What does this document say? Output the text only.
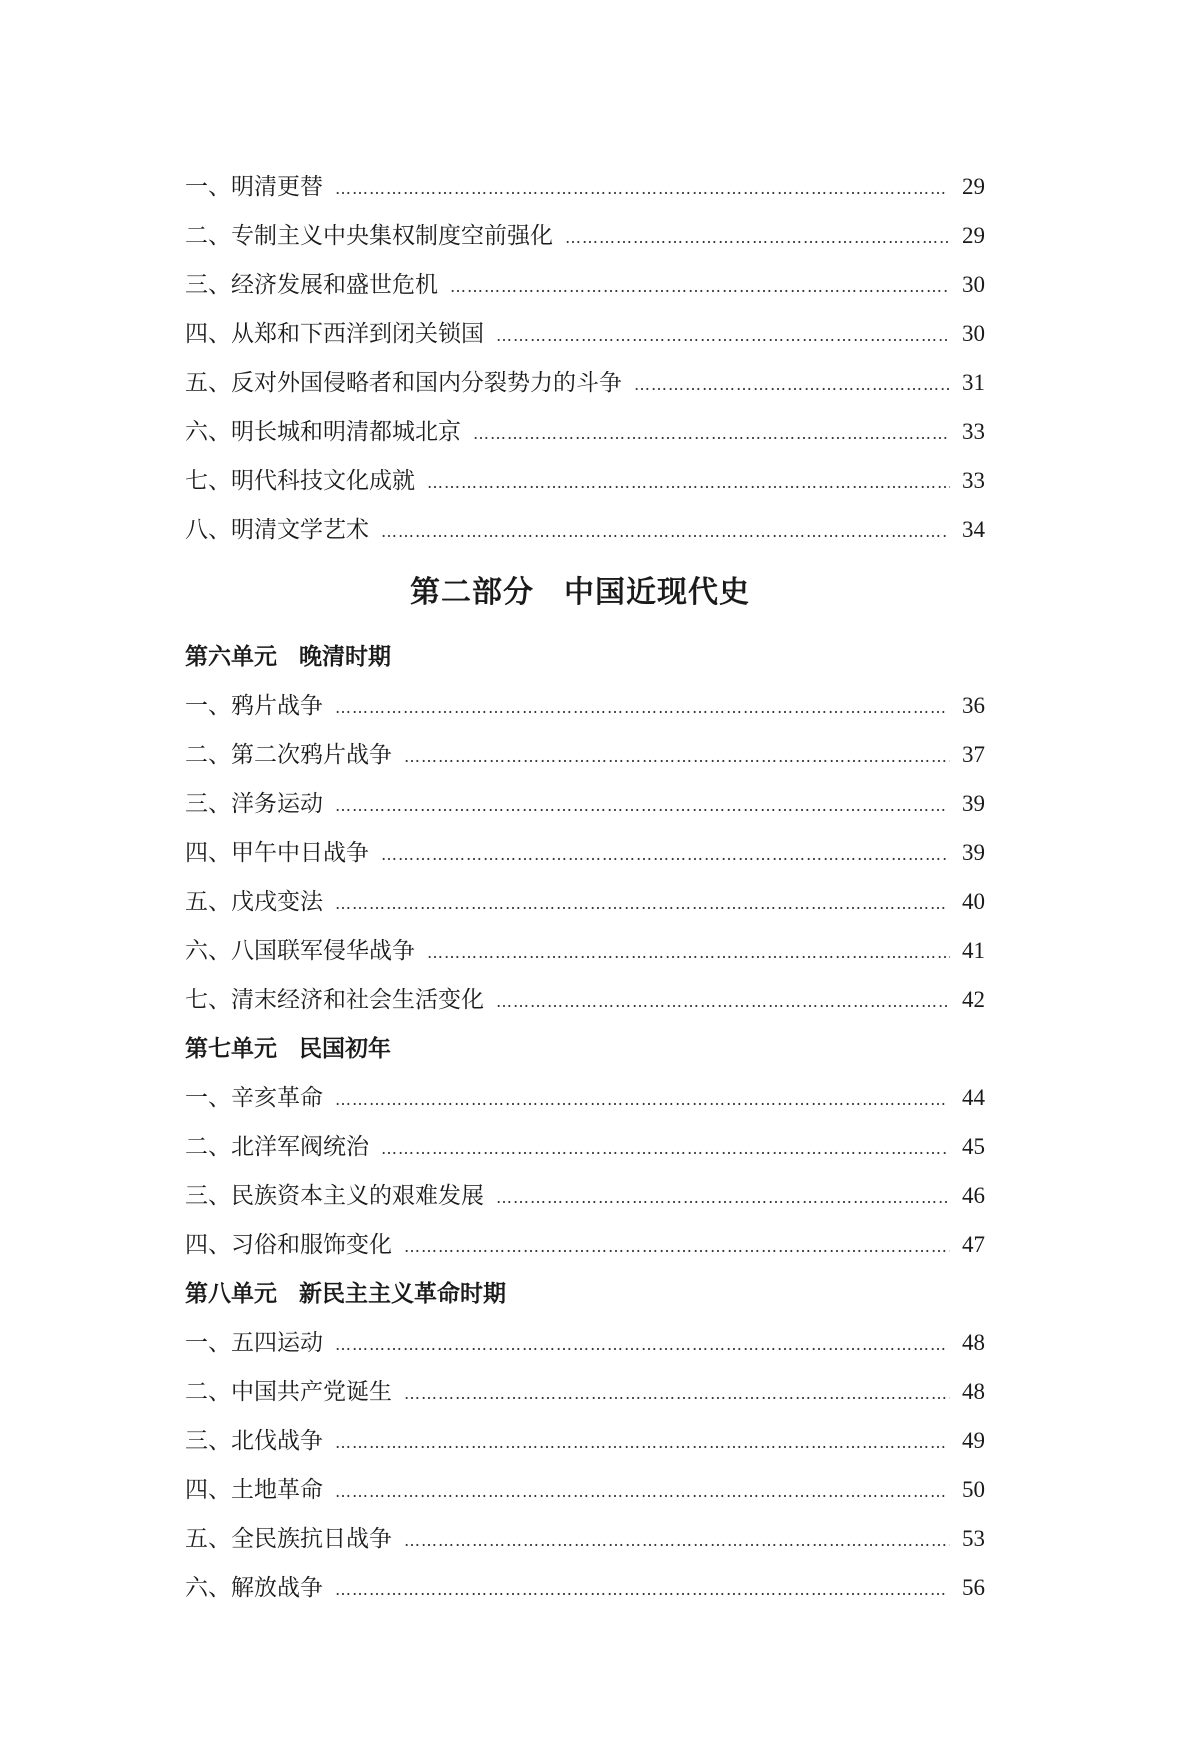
一、明清更替 ……………………………………………………………………………………………………………………………………………………………………………………………	29
二、专制主义中央集权制度空前强化 ……………………………………………………………………………………………………………………………………………………………………………………………	29
三、经济发展和盛世危机 ……………………………………………………………………………………………………………………………………………………………………………………………	30
四、从郑和下西洋到闭关锁国 ……………………………………………………………………………………………………………………………………………………………………………………………	30
五、反对外国侵略者和国内分裂势力的斗争 ……………………………………………………………………………………………………………………………………………………………………………………………	31
六、明长城和明清都城北京 ……………………………………………………………………………………………………………………………………………………………………………………………	33
七、明代科技文化成就 ……………………………………………………………………………………………………………………………………………………………………………………………	33
八、明清文学艺术 ……………………………………………………………………………………………………………………………………………………………………………………………	34
第二部分 中国近现代史
第六单元 晚清时期
一、鸦片战争 ……………………………………………………………………………………………………………………………………………………………………………………………	36
二、第二次鸦片战争 ……………………………………………………………………………………………………………………………………………………………………………………………	37
三、洋务运动 ……………………………………………………………………………………………………………………………………………………………………………………………	39
四、甲午中日战争 ……………………………………………………………………………………………………………………………………………………………………………………………	39
五、戊戌变法 ……………………………………………………………………………………………………………………………………………………………………………………………	40
六、八国联军侵华战争 ……………………………………………………………………………………………………………………………………………………………………………………………	41
七、清末经济和社会生活变化 ……………………………………………………………………………………………………………………………………………………………………………………………	42
第七单元 民国初年
一、辛亥革命 ……………………………………………………………………………………………………………………………………………………………………………………………	44
二、北洋军阀统治 ……………………………………………………………………………………………………………………………………………………………………………………………	45
三、民族资本主义的艰难发展 ……………………………………………………………………………………………………………………………………………………………………………………………	46
四、习俗和服饰变化 ……………………………………………………………………………………………………………………………………………………………………………………………	47
第八单元 新民主主义革命时期
一、五四运动 ……………………………………………………………………………………………………………………………………………………………………………………………	48
二、中国共产党诞生 ……………………………………………………………………………………………………………………………………………………………………………………………	48
三、北伐战争 ……………………………………………………………………………………………………………………………………………………………………………………………	49
四、土地革命 ……………………………………………………………………………………………………………………………………………………………………………………………	50
五、全民族抗日战争 ……………………………………………………………………………………………………………………………………………………………………………………………	53
六、解放战争 ……………………………………………………………………………………………………………………………………………………………………………………………	56
